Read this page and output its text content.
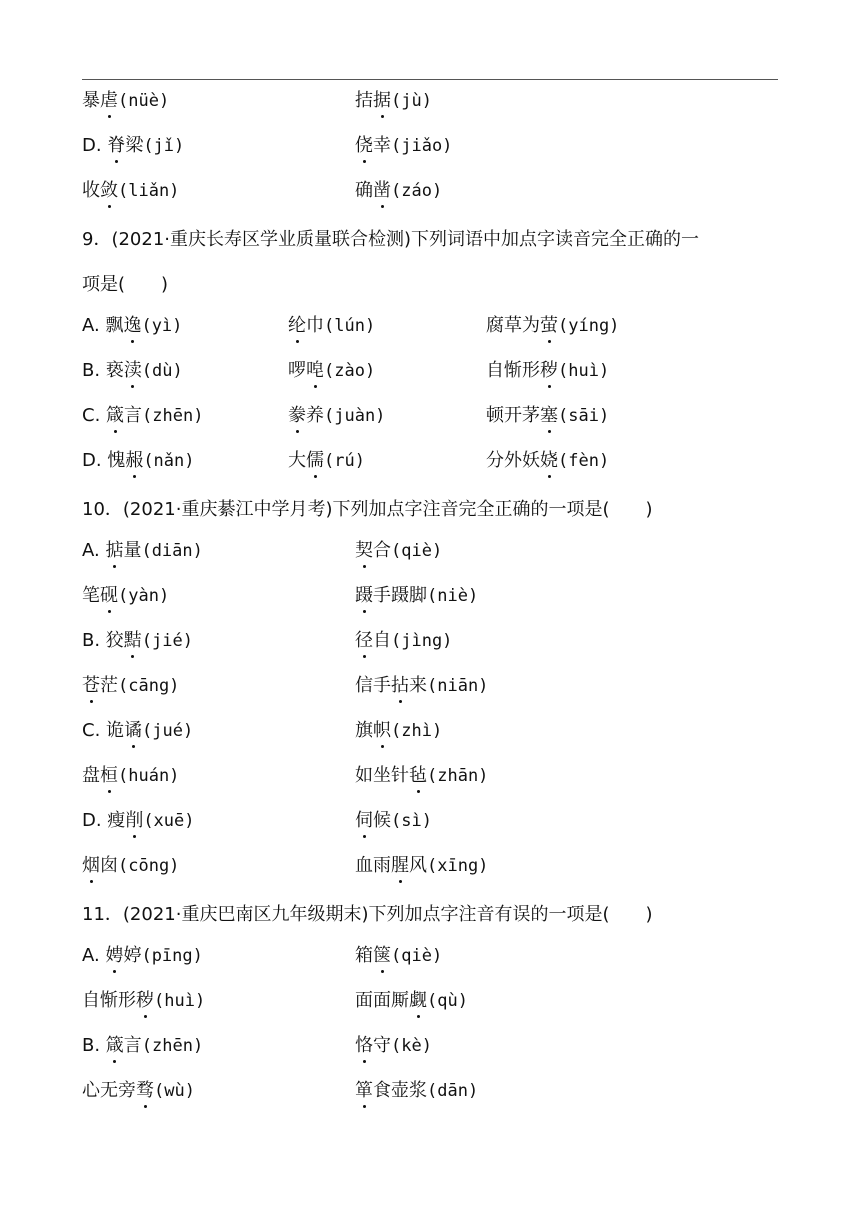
暴虐(nüè)	拮据(jù)
D. 脊梁(jǐ)	侥幸(jiǎo)
收敛(liǎn)	确凿(záo)
A. 飘逸(yì)	纶巾(lún)	腐草为萤(yíng)
B. 亵渎(dù)	啰唣(zào)	自惭形秽(huì)
C. 箴言(zhēn)	豢养(juàn)	顿开茅塞(sāi)
D. 愧赧(nǎn)	大儒(rú)	分外妖娆(fèn)
A. 掂量(diān)	契合(qiè)
笔砚(yàn)	蹑手蹑脚(niè)
B. 狡黠(jié)	径自(jìng)
苍茫(cāng)	信手拈来(niān)
C. 诡谲(jué)	旗帜(zhì)
盘桓(huán)	如坐针毡(zhān)
D. 瘦削(xuē)	伺候(sì)
烟囱(cōng)	血雨腥风(xīng)
A. 娉婷(pīng)	箱箧(qiè)
自惭形秽(huì)	面面厮觑(qù)
B. 箴言(zhēn)	恪守(kè)
心无旁骛(wù)	箪食壶浆(dān)
9．(2021·重庆长寿区学业质量联合检测)下列词语中加点字读音完全正确的一
项是(　　)
10．(2021·重庆綦江中学月考)下列加点字注音完全正确的一项是(　　)
11．(2021·重庆巴南区九年级期末)下列加点字注音有误的一项是(　　)
